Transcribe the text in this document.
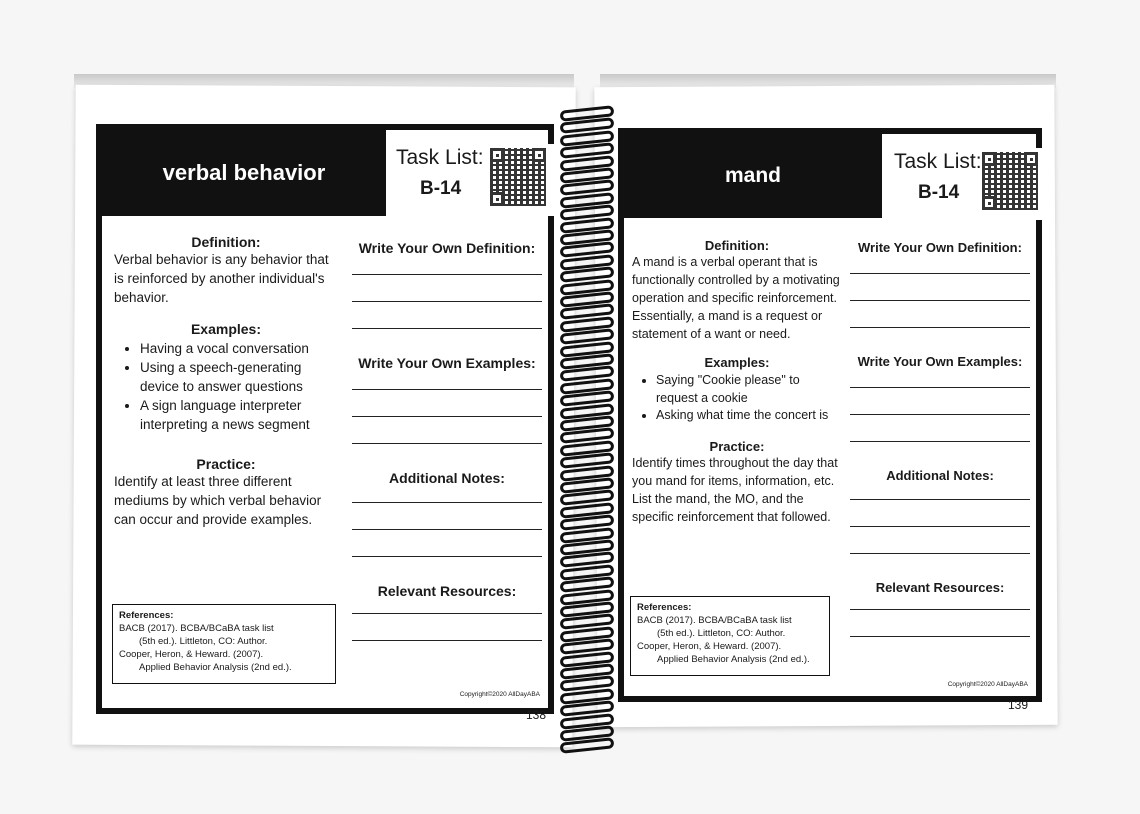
verbal behavior
Task List:
B-14
Definition:
Verbal behavior is any behavior that is reinforced by another individual's behavior.
Examples:
• Having a vocal conversation
• Using a speech-generating device to answer questions
• A sign language interpreter interpreting a news segment
Practice:
Identify at least three different mediums by which verbal behavior can occur and provide examples.
References:
BACB (2017). BCBA/BCaBA task list
(5th ed.). Littleton, CO: Author.
Cooper, Heron, & Heward. (2007).
Applied Behavior Analysis (2nd ed.).
Write Your Own Definition:
Write Your Own Examples:
Additional Notes:
Relevant Resources:
Copyright©2020 AllDayABA
138
mand
Task List:
B-14
Definition:
A mand is a verbal operant that is functionally controlled by a motivating operation and specific reinforcement. Essentially, a mand is a request or statement of a want or need.
Examples:
• Saying "Cookie please" to request a cookie
• Asking what time the concert is
Practice:
Identify times throughout the day that you mand for items, information, etc. List the mand, the MO, and the specific reinforcement that followed.
References:
BACB (2017). BCBA/BCaBA task list
(5th ed.). Littleton, CO: Author.
Cooper, Heron, & Heward. (2007).
Applied Behavior Analysis (2nd ed.).
Write Your Own Definition:
Write Your Own Examples:
Additional Notes:
Relevant Resources:
Copyright©2020 AllDayABA
139
